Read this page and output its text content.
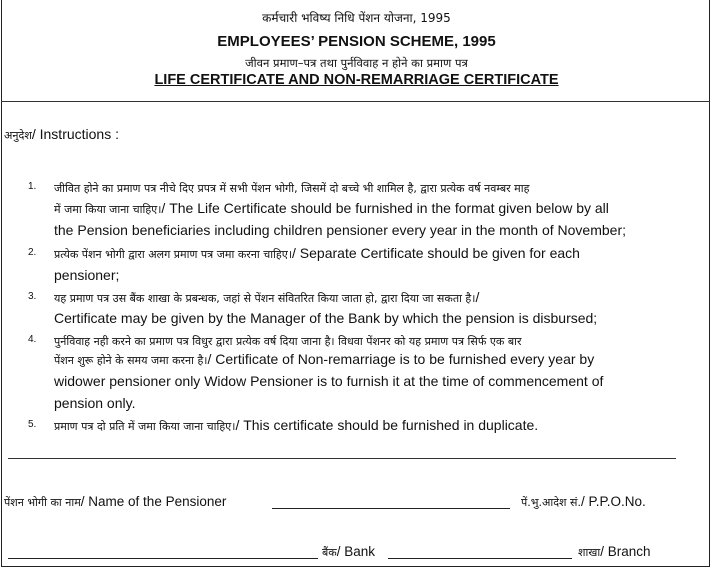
कर्मचारी भविष्य निधि पेंशन योजना, 1995
EMPLOYEES’ PENSION SCHEME, 1995
जीवन प्रमाण–पत्र तथा पुर्नविवाह न होने का प्रमाण पत्र
LIFE CERTIFICATE AND NON-REMARRIAGE CERTIFICATE
अनुदेश/ Instructions :
1.	जीवित होने का प्रमाण पत्र नीचे दिए प्रपत्र में सभी पेंशन भोगी, जिसमें दो बच्चे भी शामिल है, द्वारा प्रत्येक वर्ष नवम्बर माह
में जमा किया जाना चाहिए।/ The Life Certificate should be furnished in the format given below by all
the Pension beneficiaries including children pensioner every year in the month of November;
2.	प्रत्येक पेंशन भोगी द्वारा अलग प्रमाण पत्र जमा करना चाहिए।/ Separate Certificate should be given for each
pensioner;
3.	यह प्रमाण पत्र उस बैंक शाखा के प्रबन्धक, जहां से पेंशन संवितरित किया जाता हो, द्वारा दिया जा सकता है।/
Certificate may be given by the Manager of the Bank by which the pension is disbursed;
4.	पुर्नविवाह नही करने का प्रमाण पत्र विधुर द्वारा प्रत्येक वर्ष दिया जाना है। विधवा पेंशनर को यह प्रमाण पत्र सिर्फ एक बार
पेंशन शुरू होने के समय जमा करना है।/ Certificate of Non-remarriage is to be furnished every year by
widower pensioner only Widow Pensioner is to furnish it at the time of commencement of
pension only.
5.	प्रमाण पत्र दो प्रति में जमा किया जाना चाहिए।/ This certificate should be furnished in duplicate.
पेंशन भोगी का नाम/ Name of the Pensioner	पें.भु.आदेश सं./ P.P.O.No.
बैंक/ Bank	शाखा/ Branch
